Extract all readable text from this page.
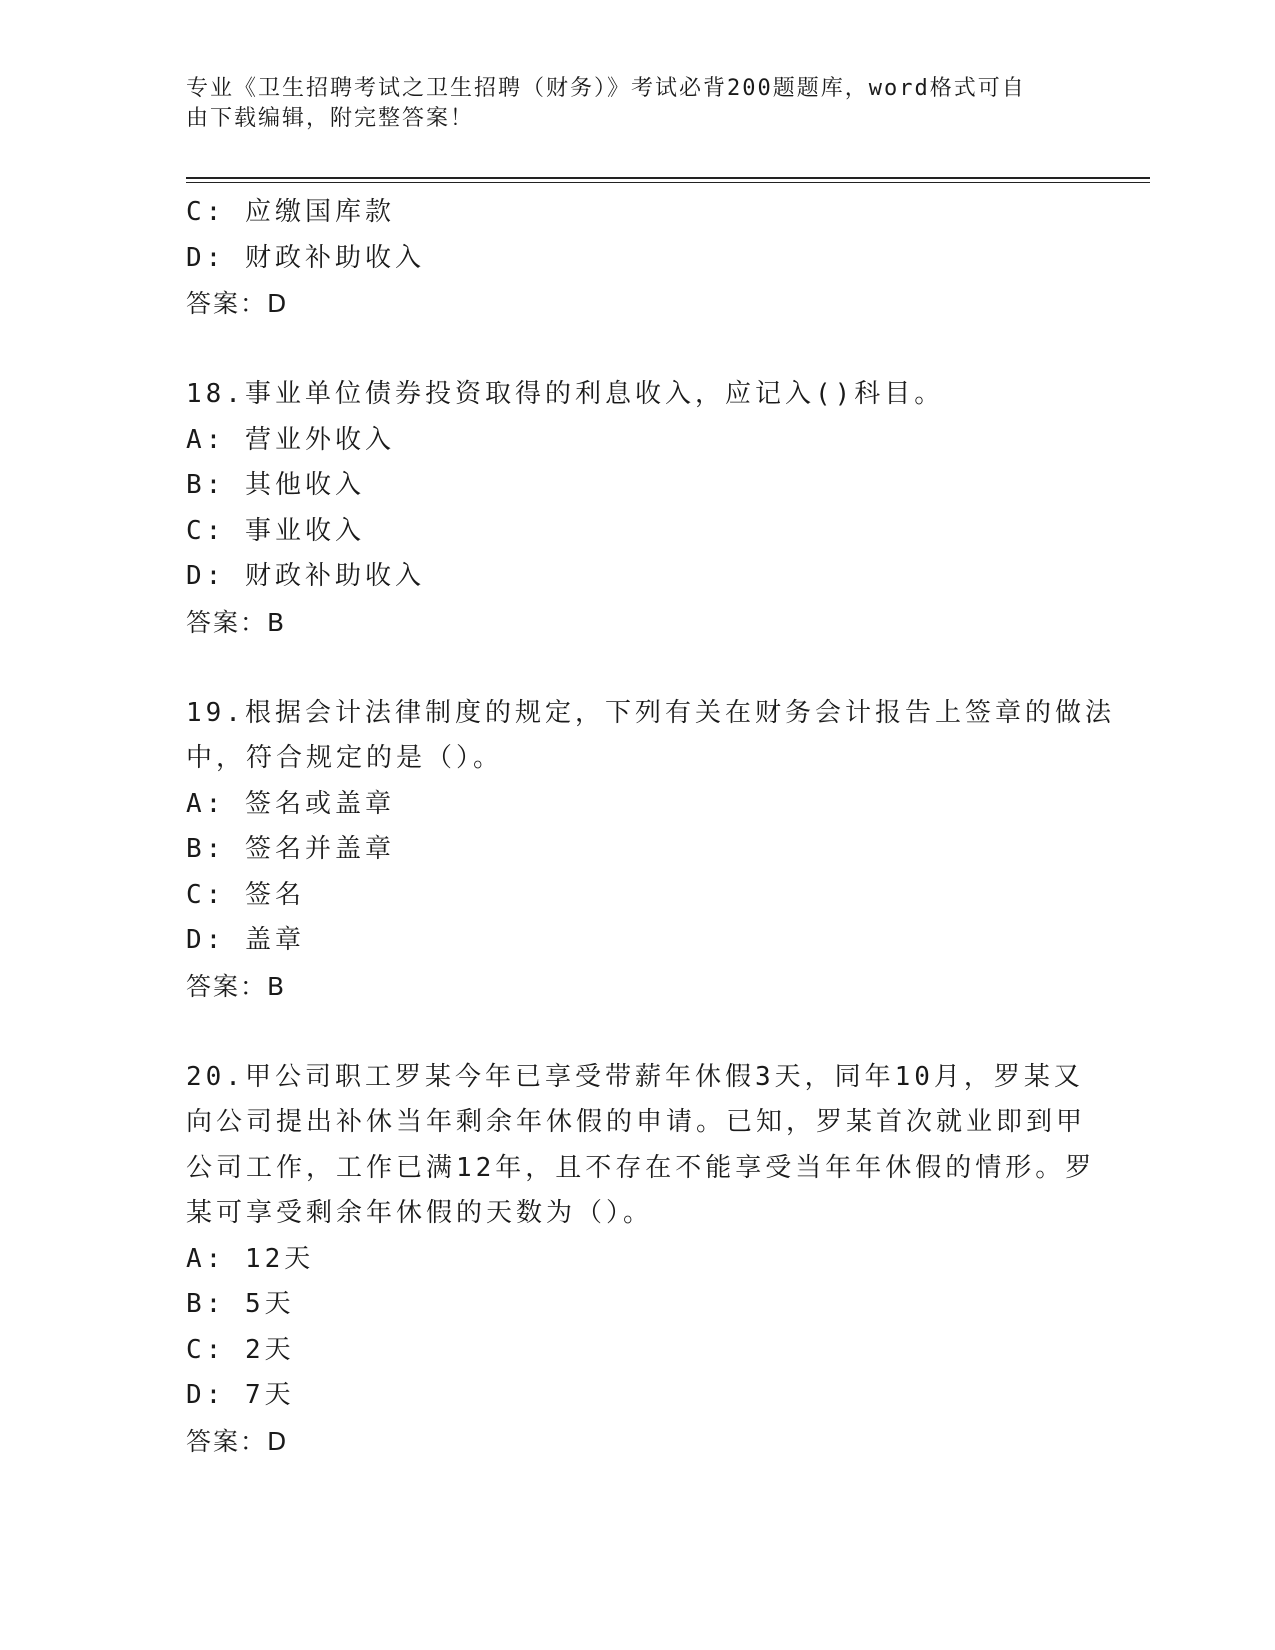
专业《卫生招聘考试之卫生招聘（财务）》考试必背200题题库，word格式可自
由下载编辑，附完整答案！
C: 应缴国库款
D: 财政补助收入
答案：D
18.事业单位债券投资取得的利息收入，应记入()科目。
A: 营业外收入
B: 其他收入
C: 事业收入
D: 财政补助收入
答案：B
19.根据会计法律制度的规定，下列有关在财务会计报告上签章的做法
中，符合规定的是（）。
A: 签名或盖章
B: 签名并盖章
C: 签名
D: 盖章
答案：B
20.甲公司职工罗某今年已享受带薪年休假3天，同年10月，罗某又
向公司提出补休当年剩余年休假的申请。已知，罗某首次就业即到甲
公司工作，工作已满12年，且不存在不能享受当年年休假的情形。罗
某可享受剩余年休假的天数为（）。
A: 12天
B: 5天
C: 2天
D: 7天
答案：D
